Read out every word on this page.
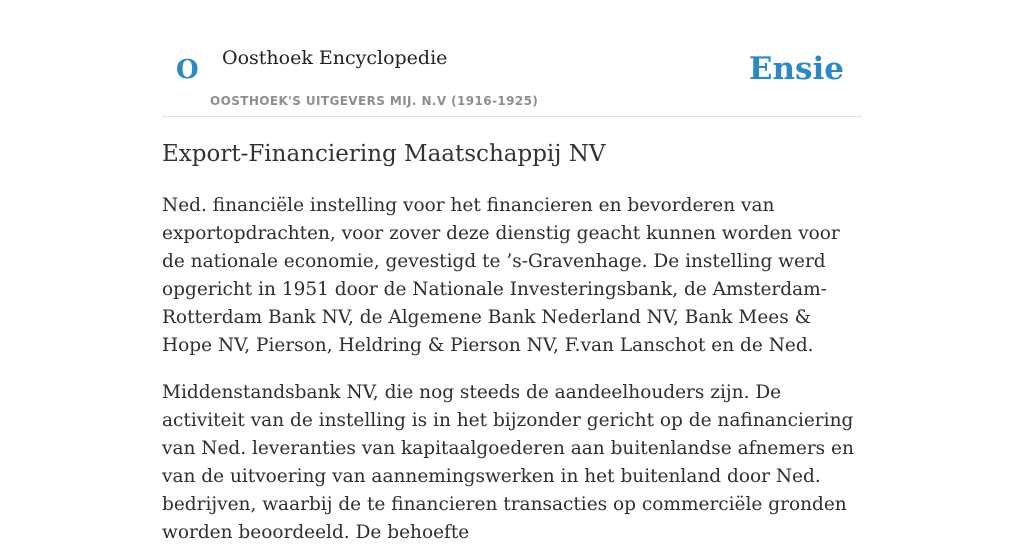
O Oosthoek Encyclopedie
OOSTHOEK'S UITGEVERS MIJ. N.V (1916-1925)
Ensie
Export-Financiering Maatschappij NV

Ned. financiële instelling voor het financieren en bevorderen van exportopdrachten, voor zover deze dienstig geacht kunnen worden voor de nationale economie, gevestigd te ’s-Gravenhage. De instelling werd opgericht in 1951 door de Nationale Investeringsbank, de Amsterdam-Rotterdam Bank NV, de Algemene Bank Nederland NV, Bank Mees & Hope NV, Pierson, Heldring & Pierson NV, F.van Lanschot en de Ned.

Middenstandsbank NV, die nog steeds de aandeelhouders zijn. De activiteit van de instelling is in het bijzonder gericht op de nafinanciering van Ned. leveranties van kapitaalgoederen aan buitenlandse afnemers en van de uitvoering van aannemingswerken in het buitenland door Ned. bedrijven, waarbij de te financieren transacties op commerciële gronden worden beoordeeld. De behoefte
